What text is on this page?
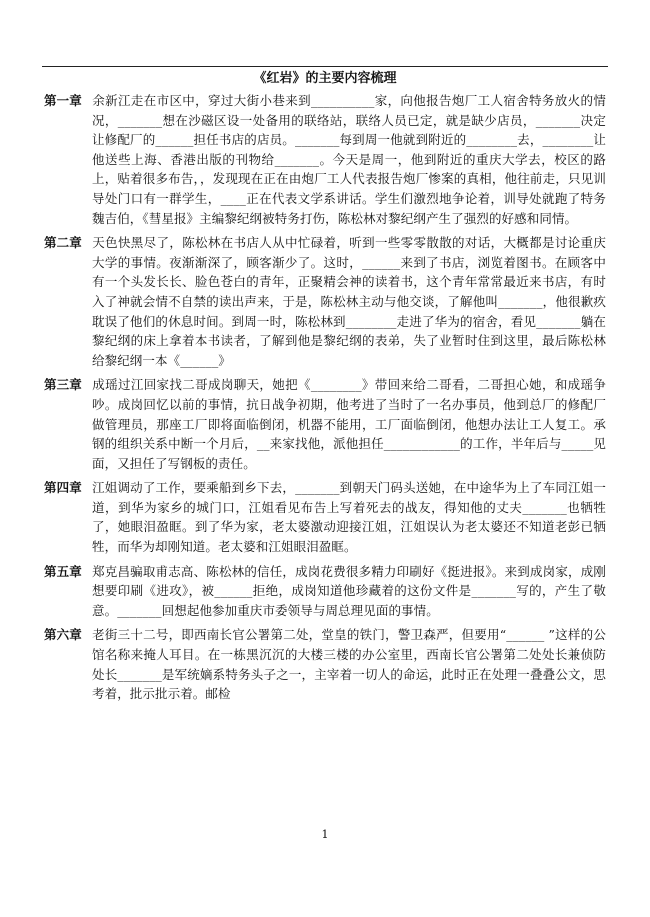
《红岩》的主要内容梳理

第一章 余新江走在市区中，穿过大街小巷来到__________家，向他报告炮厂工人宿舍特务放火的情况，_______想在沙磁区设一处备用的联络站，联络人员已定，就是缺少店员，_______决定让修配厂的______担任书店的店员。_______每到周一他就到附近的________去，________让他送些上海、香港出版的刊物给_______。今天是周一，他到附近的重庆大学去，校区的路上，贴着很多布告，，发现现在正在由炮厂工人代表报告炮厂惨案的真相，他往前走，只见训导处门口有一群学生，____正在代表文学系讲话。学生们激烈地争论着，训导处就跑了特务魏吉伯，《彗星报》主编黎纪纲被特务打伤，陈松林对黎纪纲产生了强烈的好感和同情。

第二章 天色快黑尽了，陈松林在书店人从中忙碌着，听到一些零零散散的对话，大概都是讨论重庆大学的事情。夜渐渐深了，顾客渐少了。这时，______来到了书店，浏览着图书。在顾客中有一个头发长长、脸色苍白的青年，正聚精会神的读着书，这个青年常常最近来书店，有时入了神就会情不自禁的读出声来，于是，陈松林主动与他交谈，了解他叫_______，他很歉疚耽误了他们的休息时间。到周一时，陈松林到________走进了华为的宿舍，看见_______躺在黎纪纲的床上拿着本书读者，了解到他是黎纪纲的表弟，失了业暂时住到这里，最后陈松林给黎纪纲一本《______》

第三章 成瑶过江回家找二哥成岗聊天，她把《________》带回来给二哥看，二哥担心她，和成瑶争吵。成岗回忆以前的事情，抗日战争初期，他考进了当时了一名办事员，他到总厂的修配厂做管理员，那座工厂即将面临倒闭，机器不能用，工厂面临倒闭，他想办法让工人复工。承钢的组织关系中断一个月后，__来家找他，派他担任____________的工作，半年后与_____见面，又担任了写钢板的责任。

第四章 江姐调动了工作，要乘船到乡下去，_______到朝天门码头送她，在中途华为上了车同江姐一道，到华为家乡的城门口，江姐看见布告上写着死去的战友，得知他的丈夫_______也牺牲了，她眼泪盈眶。到了华为家，老太婆激动迎接江姐，江姐误认为老太婆还不知道老彭已牺牲，而华为却刚知道。老太婆和江姐眼泪盈眶。

第五章 郑克昌骗取甫志高、陈松林的信任，成岗花费很多精力印刷好《挺进报》。来到成岗家，成刚想要印刷《进攻》，被______拒绝，成岗知道他珍藏着的这份文件是_______写的，产生了敬意。_______回想起他参加重庆市委领导与周总理见面的事情。

第六章 老街三十二号，即西南长官公署第二处，堂皇的铁门，警卫森严，但要用“______ ”这样的公馆名称来掩人耳目。在一栋黑沉沉的大楼三楼的办公室里，西南长官公署第二处处长兼侦防处长_______是军统嫡系特务头子之一，主宰着一切人的命运，此时正在处理一叠叠公文，思考着，批示批示着。邮检

1
